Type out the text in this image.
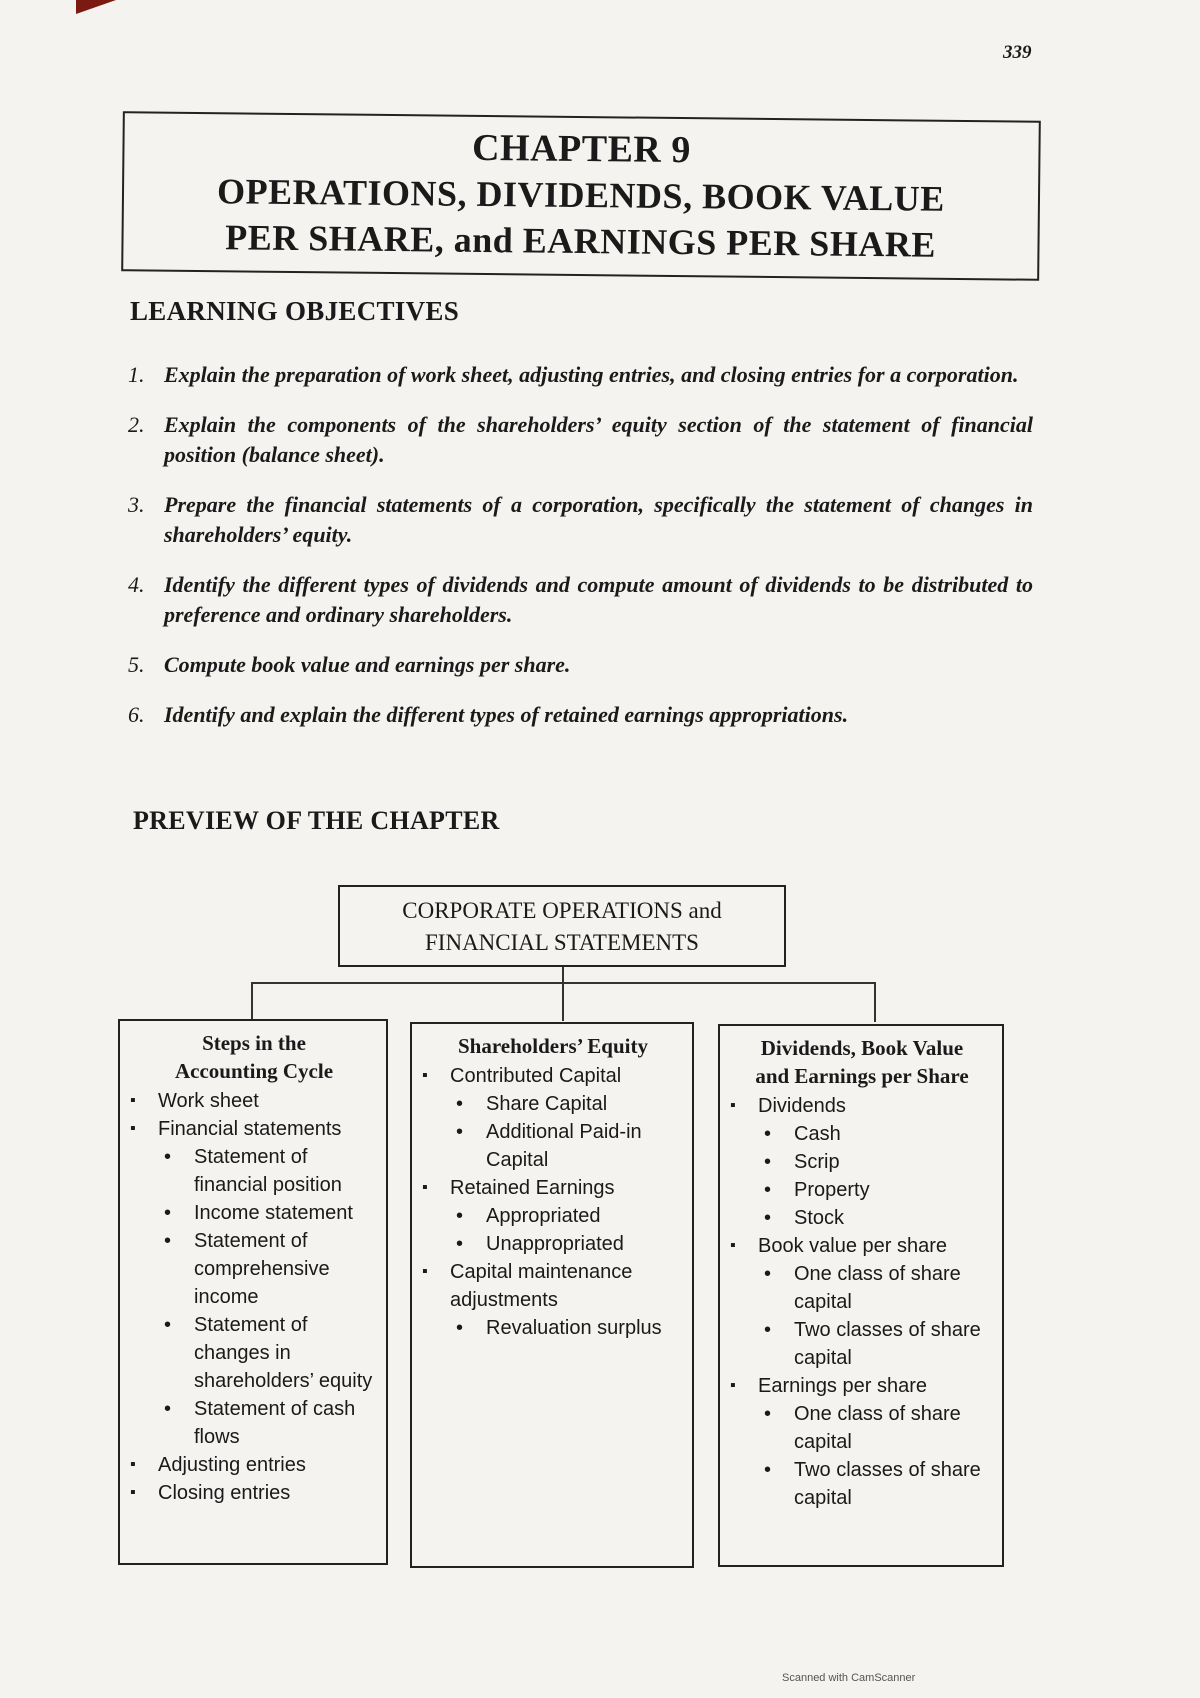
339
CHAPTER 9
OPERATIONS, DIVIDENDS, BOOK VALUE
PER SHARE, and EARNINGS PER SHARE
LEARNING OBJECTIVES
1. Explain the preparation of work sheet, adjusting entries, and closing entries for a corporation.
2. Explain the components of the shareholders’ equity section of the statement of financial position (balance sheet).
3. Prepare the financial statements of a corporation, specifically the statement of changes in shareholders’ equity.
4. Identify the different types of dividends and compute amount of dividends to be distributed to preference and ordinary shareholders.
5. Compute book value and earnings per share.
6. Identify and explain the different types of retained earnings appropriations.
PREVIEW OF THE CHAPTER
CORPORATE OPERATIONS and
FINANCIAL STATEMENTS
Steps in the
Accounting Cycle
▪ Work sheet
▪ Financial statements
• Statement of financial position
• Income statement
• Statement of comprehensive income
• Statement of changes in shareholders’ equity
• Statement of cash flows
▪ Adjusting entries
▪ Closing entries
Shareholders’ Equity
▪ Contributed Capital
• Share Capital
• Additional Paid-in Capital
▪ Retained Earnings
• Appropriated
• Unappropriated
▪ Capital maintenance adjustments
• Revaluation surplus
Dividends, Book Value
and Earnings per Share
▪ Dividends
• Cash
• Scrip
• Property
• Stock
▪ Book value per share
• One class of share capital
• Two classes of share capital
▪ Earnings per share
• One class of share capital
• Two classes of share capital
Scanned with CamScanner
